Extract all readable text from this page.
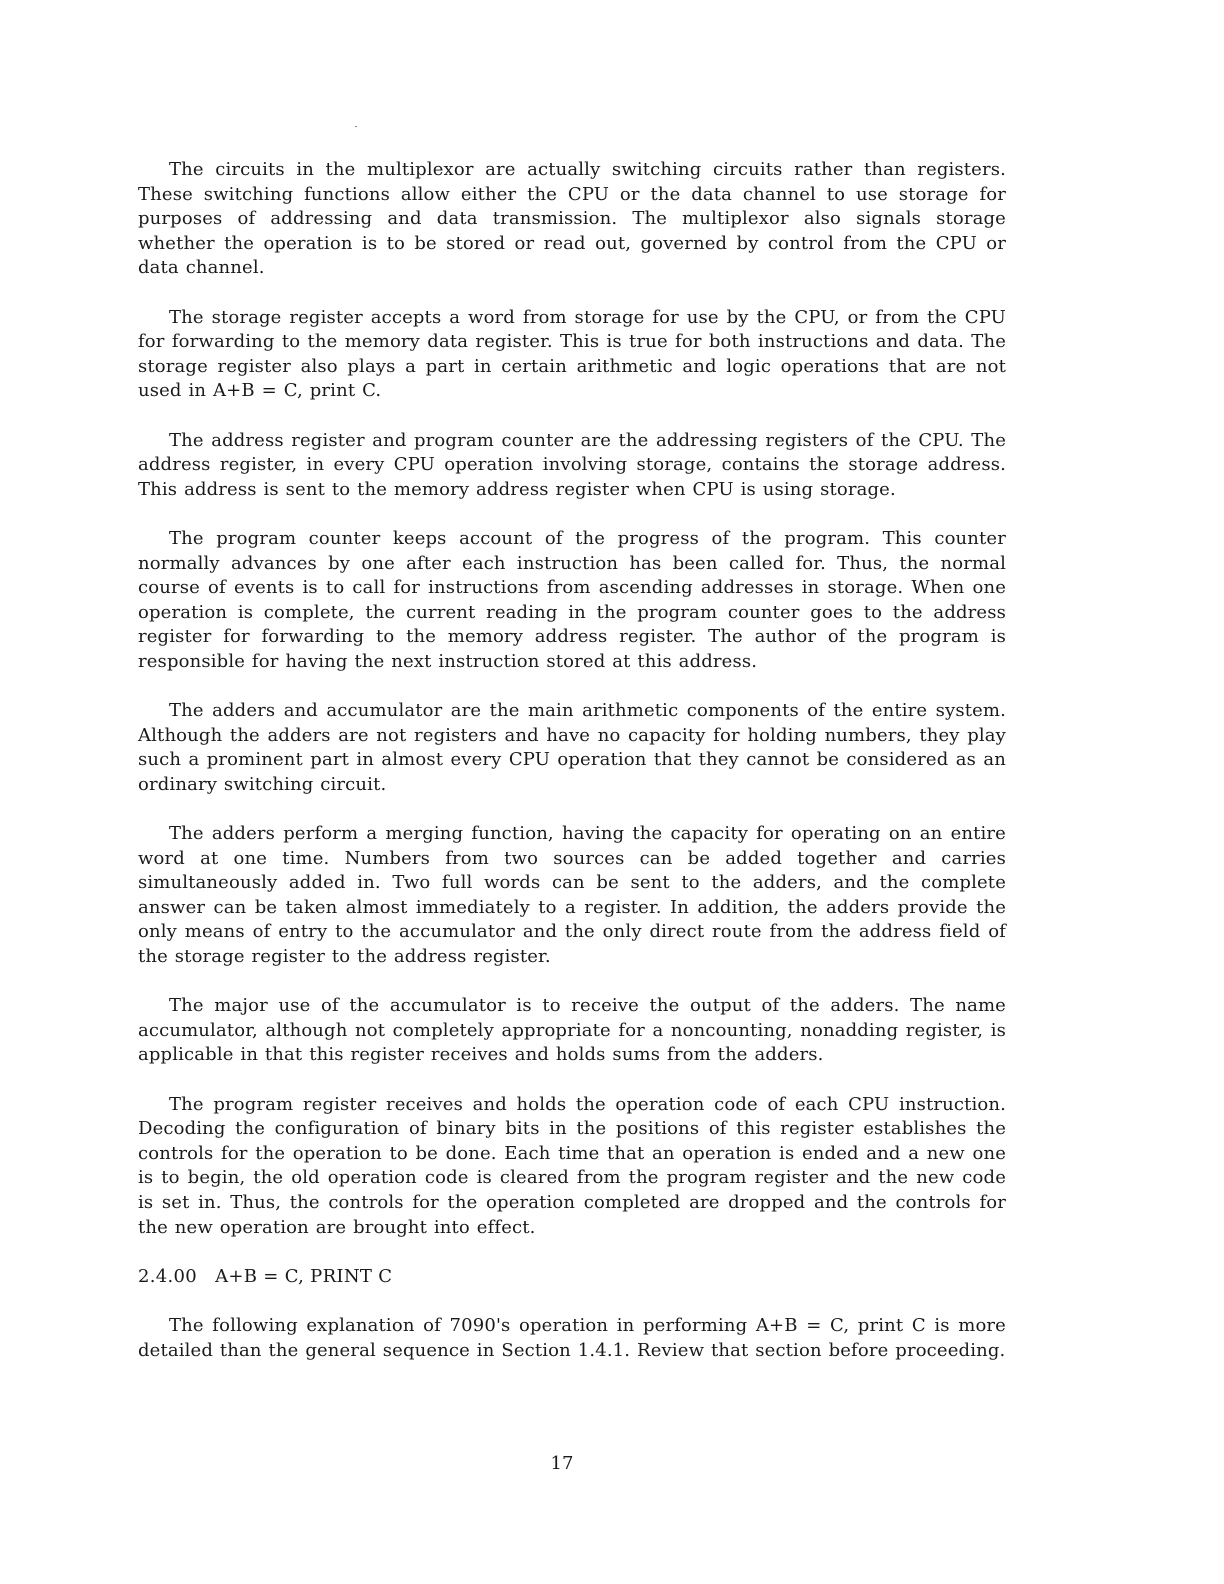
The circuits in the multiplexor are actually switching circuits rather than registers. These switching functions allow either the CPU or the data channel to use storage for purposes of addressing and data transmission. The multiplexor also signals storage whether the operation is to be stored or read out, governed by control from the CPU or data channel.

The storage register accepts a word from storage for use by the CPU, or from the CPU for forwarding to the memory data register. This is true for both instructions and data. The storage register also plays a part in certain arithmetic and logic operations that are not used in A+B = C, print C.

The address register and program counter are the addressing registers of the CPU. The address register, in every CPU operation involving storage, contains the storage address. This address is sent to the memory address register when CPU is using storage.

The program counter keeps account of the progress of the program. This counter normally advances by one after each instruction has been called for. Thus, the normal course of events is to call for instructions from ascending addresses in storage. When one operation is complete, the current reading in the program counter goes to the address register for forwarding to the memory address register. The author of the program is responsible for having the next instruction stored at this address.

The adders and accumulator are the main arithmetic components of the entire system. Although the adders are not registers and have no capacity for holding numbers, they play such a prominent part in almost every CPU operation that they cannot be considered as an ordinary switching circuit.

The adders perform a merging function, having the capacity for operating on an entire word at one time. Numbers from two sources can be added together and carries simultaneously added in. Two full words can be sent to the adders, and the complete answer can be taken almost immediately to a register. In addition, the adders provide the only means of entry to the accumulator and the only direct route from the address field of the storage register to the address register.

The major use of the accumulator is to receive the output of the adders. The name accumulator, although not completely appropriate for a noncounting, nonadding register, is applicable in that this register receives and holds sums from the adders.

The program register receives and holds the operation code of each CPU instruction. Decoding the configuration of binary bits in the positions of this register establishes the controls for the operation to be done. Each time that an operation is ended and a new one is to begin, the old operation code is cleared from the program register and the new code is set in. Thus, the controls for the operation completed are dropped and the controls for the new operation are brought into effect.

2.4.00 A+B = C, PRINT C

The following explanation of 7090's operation in performing A+B = C, print C is more detailed than the general sequence in Section 1.4.1. Review that section before proceeding.

17
